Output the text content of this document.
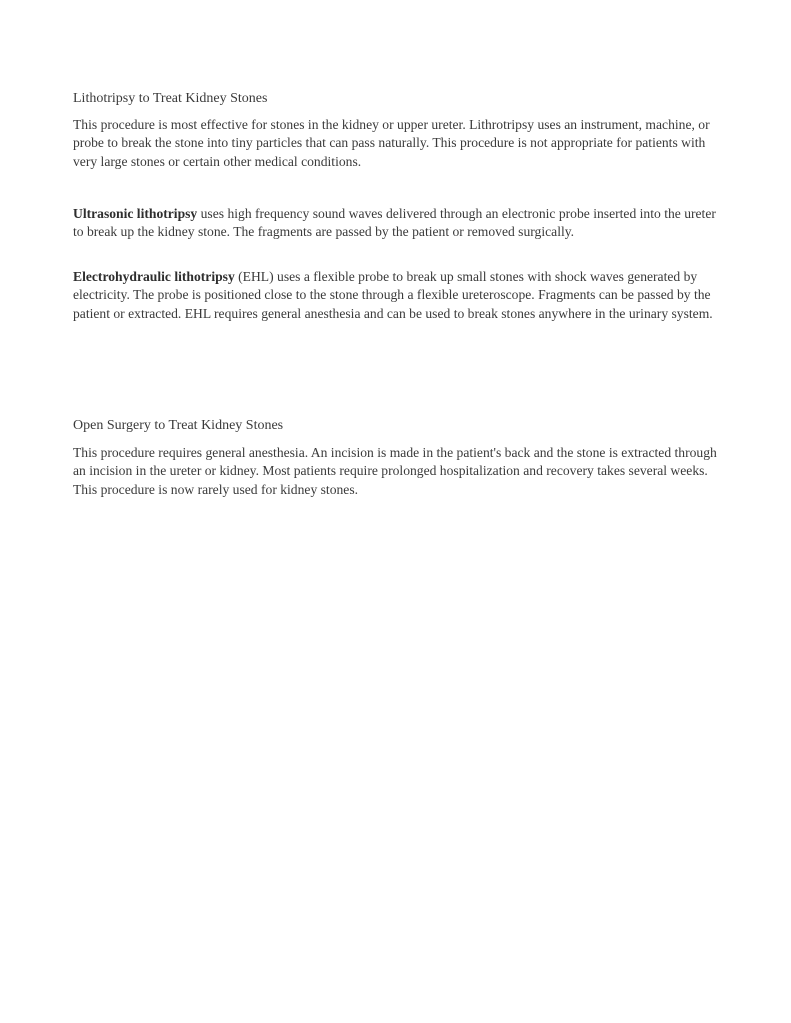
Lithotripsy to Treat Kidney Stones
This procedure is most effective for stones in the kidney or upper ureter. Lithrotripsy uses an instrument, machine, or probe to break the stone into tiny particles that can pass naturally. This procedure is not appropriate for patients with very large stones or certain other medical conditions.
Ultrasonic lithotripsy uses high frequency sound waves delivered through an electronic probe inserted into the ureter to break up the kidney stone. The fragments are passed by the patient or removed surgically.
Electrohydraulic lithotripsy (EHL) uses a flexible probe to break up small stones with shock waves generated by electricity. The probe is positioned close to the stone through a flexible ureteroscope. Fragments can be passed by the patient or extracted. EHL requires general anesthesia and can be used to break stones anywhere in the urinary system.
Open Surgery to Treat Kidney Stones
This procedure requires general anesthesia. An incision is made in the patient's back and the stone is extracted through an incision in the ureter or kidney. Most patients require prolonged hospitalization and recovery takes several weeks. This procedure is now rarely used for kidney stones.
